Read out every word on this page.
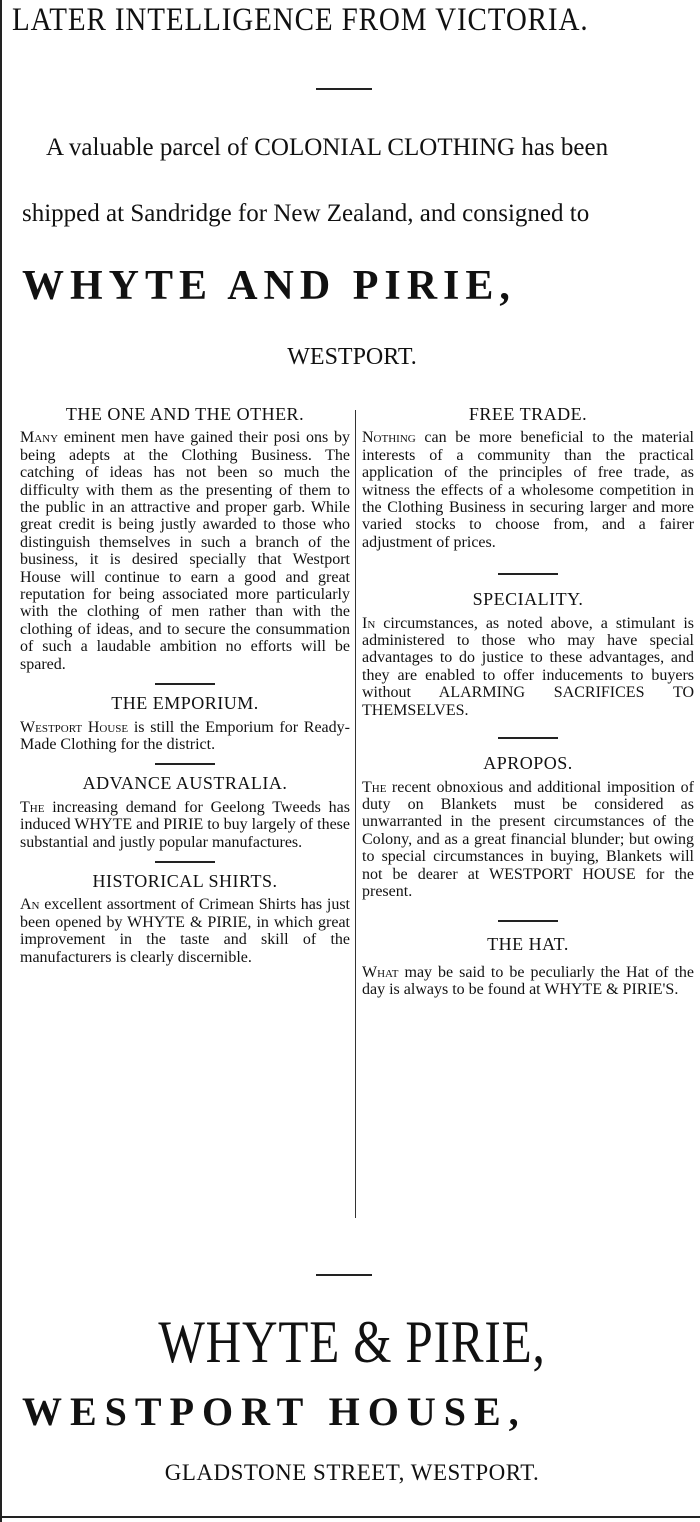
LATER INTELLIGENCE FROM VICTORIA.
A valuable parcel of COLONIAL CLOTHING has been
shipped at Sandridge for New Zealand, and consigned to
WHYTE AND PIRIE,
WESTPORT.
THE ONE AND THE OTHER.

Many eminent men have gained their posi ons by being adepts at the Clothing Business. The catching of ideas has not been so much the difficulty with them as the presenting of them to the public in an attractive and proper garb. While great credit is being justly awarded to those who distinguish themselves in such a branch of the business, it is desired specially that Westport House will continue to earn a good and great reputation for being associated more particularly with the clothing of men rather than with the clothing of ideas, and to secure the consummation of such a laudable ambition no efforts will be spared.

THE EMPORIUM.

Westport House is still the Emporium for Ready-Made Clothing for the district.

ADVANCE AUSTRALIA.

The increasing demand for Geelong Tweeds has induced WHYTE and PIRIE to buy largely of these substantial and justly popular manufactures.

HISTORICAL SHIRTS.

An excellent assortment of Crimean Shirts has just been opened by WHYTE & PIRIE, in which great improvement in the taste and skill of the manufacturers is clearly discernible.

FREE TRADE.

Nothing can be more beneficial to the material interests of a community than the practical application of the principles of free trade, as witness the effects of a wholesome competition in the Clothing Business in securing larger and more varied stocks to choose from, and a fairer adjustment of prices.

SPECIALITY.

In circumstances, as noted above, a stimulant is administered to those who may have special advantages to do justice to these advantages, and they are enabled to offer inducements to buyers without ALARMING SACRIFICES TO THEMSELVES.

APROPOS.

The recent obnoxious and additional imposition of duty on Blankets must be considered as unwarranted in the present circumstances of the Colony, and as a great financial blunder; but owing to special circumstances in buying, Blankets will not be dearer at WESTPORT HOUSE for the present.

THE HAT.

What may be said to be peculiarly the Hat of the day is always to be found at WHYTE & PIRIE'S.

WHYTE & PIRIE,
WESTPORT HOUSE,
GLADSTONE STREET, WESTPORT.
